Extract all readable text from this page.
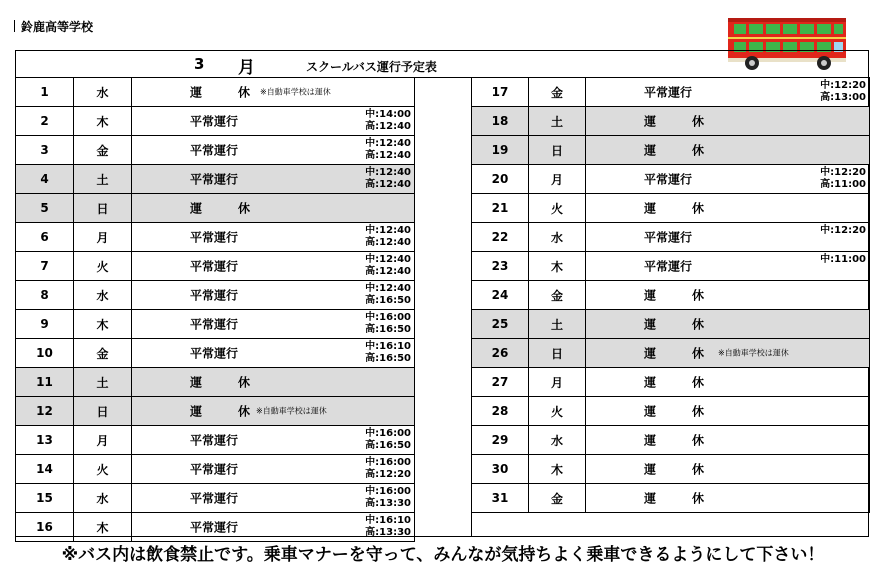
鈴鹿高等学校
3 月	スクールバス運行予定表
1	水	運　休
※自動車学校は運休

2	木	平常運行 中:14:00
高:12:40

3	金	平常運行 中:12:40
高:12:40

4	土	平常運行 中:12:40
高:12:40

5	日	運　休

6	月	平常運行 中:12:40
高:12:40

7	火	平常運行 中:12:40
高:12:40

8	水	平常運行 中:12:40
高:16:50

9	木	平常運行 中:16:00
高:16:50

10	金	平常運行 中:16:10
高:16:50

11	土	運　休

12	日	運　休
※自動車学校は運休

13	月	平常運行 中:16:00
高:16:50

14	火	平常運行 中:16:00
高:12:20

15	水	平常運行 中:16:00
高:13:30

16	木	平常運行 中:16:10
高:13:30
17	金	平常運行 中:12:20
高:13:00

18	土	運　休

19	日	運　休

20	月	平常運行 中:12:20
高:11:00

21	火	運　休

22	水	平常運行 中:12:20

23	木	平常運行 中:11:00

24	金	運　休

25	土	運　休

26	日	運　休 ※自動車学校は運休

27	月	運　休

28	火	運　休

29	水	運　休

30	木	運　休

31	金	運　休
※バス内は飲食禁止です。乗車マナーを守って、みんなが気持ちよく乗車できるようにして下さい！
